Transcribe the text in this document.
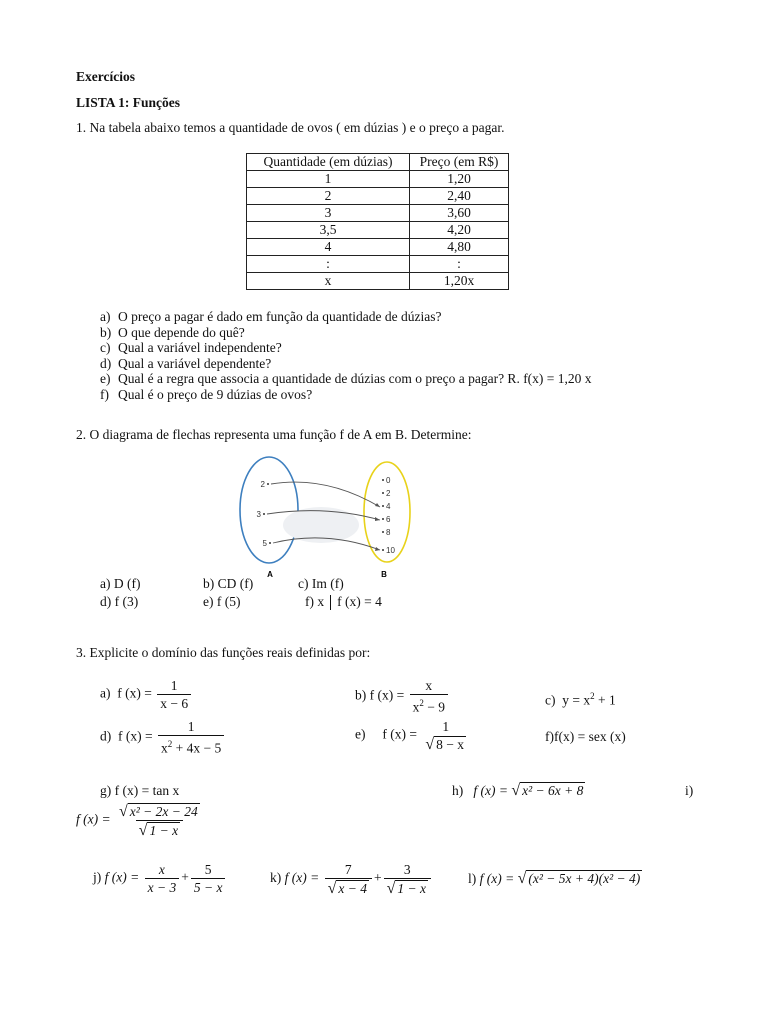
Exercícios
LISTA 1: Funções
1. Na tabela abaixo temos a quantidade de ovos ( em dúzias ) e o preço a pagar.
Quantidade (em dúzias)	Preço (em R$)
1	1,20
2	2,40
3	3,60
3,5	4,20
4	4,80
:	:
x	1,20x
a) O preço a pagar é dado em função da quantidade de dúzias?
b) O que depende do quê?
c) Qual a variável independente?
d) Qual a variável dependente?
e) Qual é a regra que associa a quantidade de dúzias com o preço a pagar? R. f(x) = 1,20 x
f) Qual é o preço de 9 dúzias de ovos?
2. O diagrama de flechas representa uma função f de A em B. Determine:
2
3
5
0
2
4
6
8
10
A	B
a) D (f)	b) CD (f)	c) Im (f)
d) f (3)	e) f (5)	f) x f (x) = 4
3. Explicite o domínio das funções reais definidas por:
a) f $(x) = \frac{1}{x - 6}$	b) f $(x) = \frac{x}{x^2 - 9}$	c) $y = x^2 + 1$
d) f $(x) = \frac{1}{x^2 + 4x - 5}$	e) f (x) =
1
√ 8 − x
f)f(x) = sex (x)
g) f (x) = tan x	h) f (x) = √ x² − 6x + 8	i)
f $(x) = \frac{\text{√ x² − 2x − 24}}{√ 1 - x}$
j) f $(x) = \frac{x}{x - 3} + \frac{5}{5 - x}$	k) f $(x) = \frac{7}{√ x - 4} + \frac{3}{√ 1 - x}$	l) f (x) = √ (x² − 5x + 4)(x² − 4)
